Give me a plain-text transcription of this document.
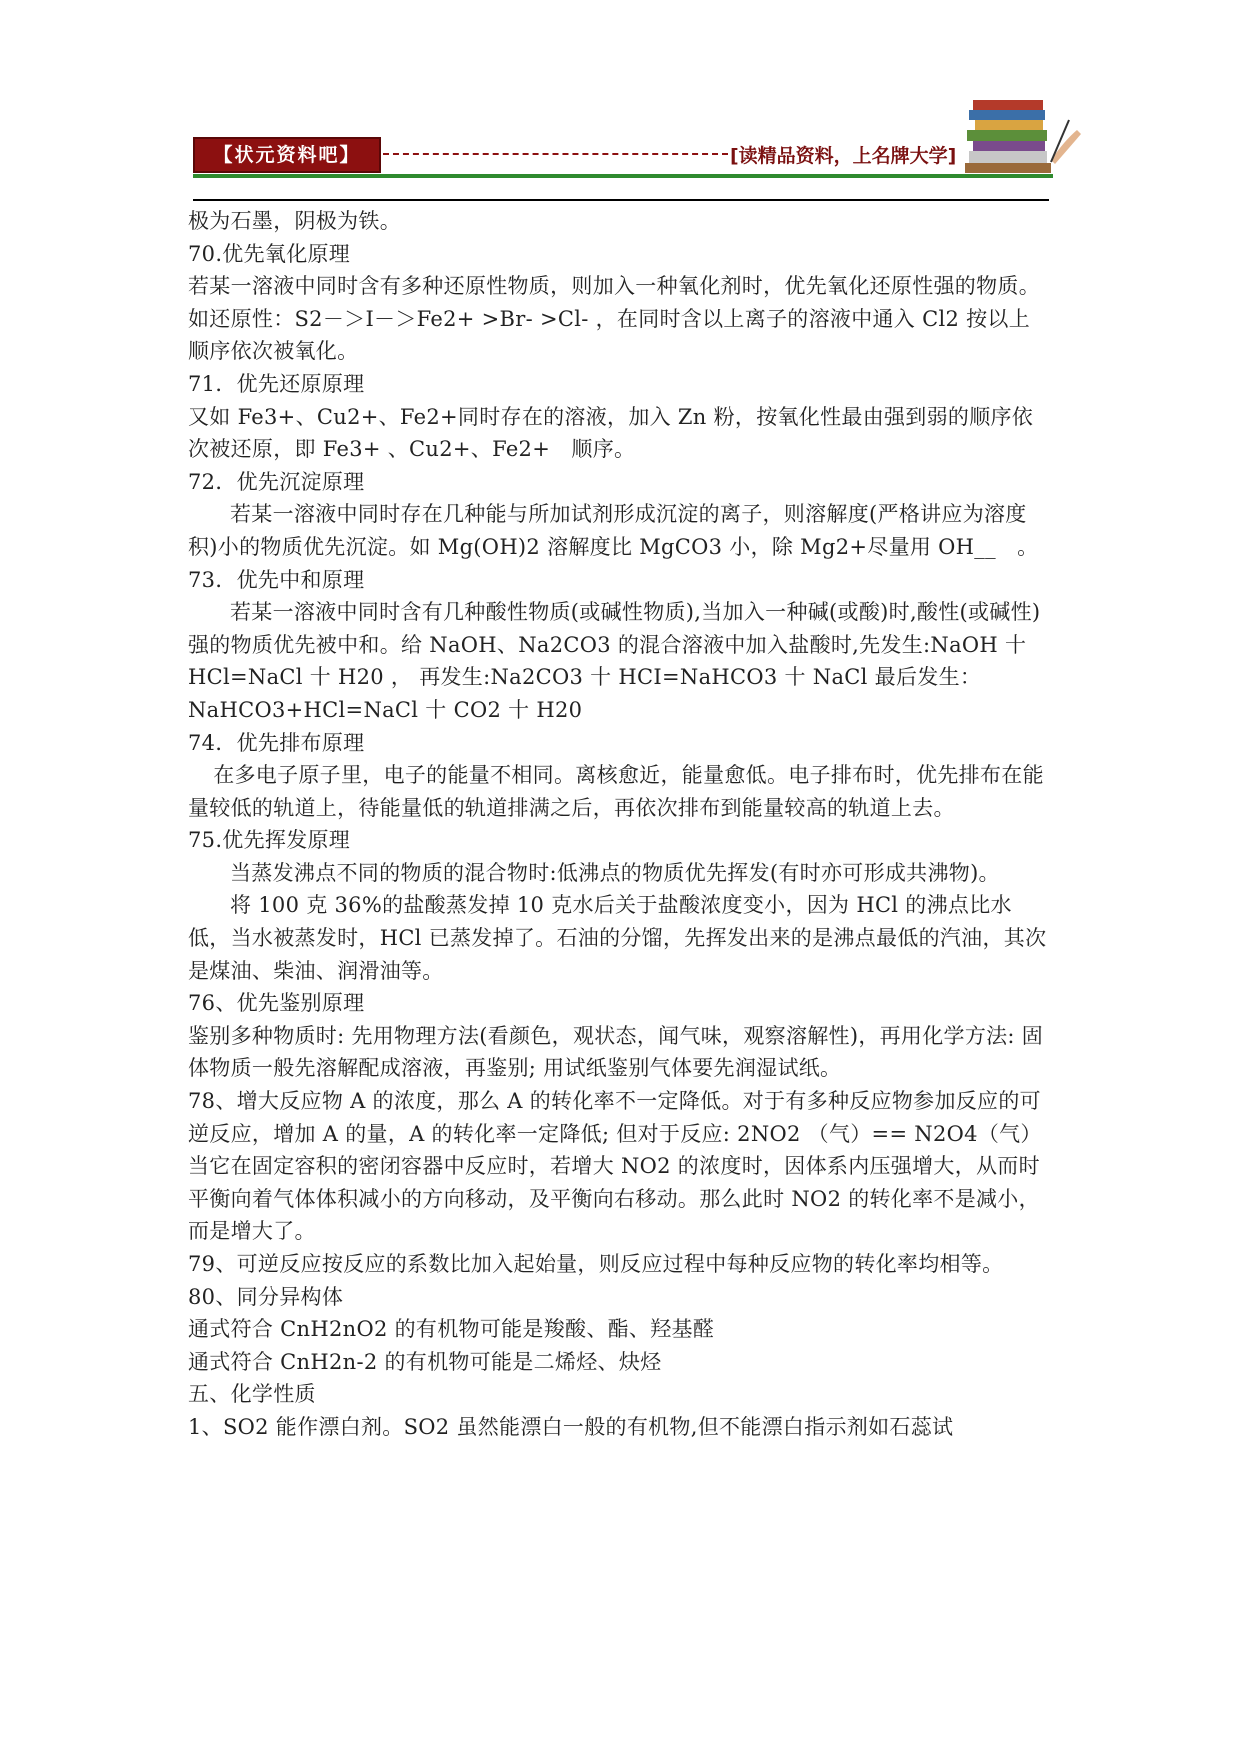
【状元资料吧】	[读精品资料，上名牌大学]

极为石墨，阴极为铁。

70.优先氧化原理

若某一溶液中同时含有多种还原性物质，则加入一种氧化剂时，优先氧化还原性强的物质。 如还原性：S2－＞I－＞Fe2+ >Br- >Cl- ，在同时含以上离子的溶液中通入 Cl2 按以上顺序依次被氧化。

71．优先还原原理

又如 Fe3+、Cu2+、Fe2+同时存在的溶液，加入 Zn 粉，按氧化性最由强到弱的顺序依次被还原，即 Fe3+ 、Cu2+、Fe2+　顺序。

72．优先沉淀原理

若某一溶液中同时存在几种能与所加试剂形成沉淀的离子，则溶解度(严格讲应为溶度积)小的物质优先沉淀。如 Mg(OH)2 溶解度比 MgCO3 小，除 Mg2+尽量用 OH__　。

73．优先中和原理

若某一溶液中同时含有几种酸性物质(或碱性物质),当加入一种碱(或酸)时,酸性(或碱性)强的物质优先被中和。给 NaOH、Na2CO3 的混合溶液中加入盐酸时,先发生:NaOH 十 HCl=NaCl 十 H20 ， 再发生:Na2CO3 十 HCI=NaHCO3 十 NaCl 最后发生：NaHCO3+HCl=NaCl 十 CO2 十 H20

74．优先排布原理

在多电子原子里，电子的能量不相同。离核愈近，能量愈低。电子排布时，优先排布在能量较低的轨道上，待能量低的轨道排满之后，再依次排布到能量较高的轨道上去。

75.优先挥发原理

当蒸发沸点不同的物质的混合物时:低沸点的物质优先挥发(有时亦可形成共沸物)。

将 100 克 36%的盐酸蒸发掉 10 克水后关于盐酸浓度变小，因为 HCl 的沸点比水低，当水被蒸发时，HCl 已蒸发掉了。石油的分馏，先挥发出来的是沸点最低的汽油，其次是煤油、柴油、润滑油等。

76、优先鉴别原理

鉴别多种物质时: 先用物理方法(看颜色，观状态，闻气味，观察溶解性)，再用化学方法: 固体物质一般先溶解配成溶液，再鉴别; 用试纸鉴别气体要先润湿试纸。

78、增大反应物 A 的浓度，那么 A 的转化率不一定降低。对于有多种反应物参加反应的可逆反应，增加 A 的量，A 的转化率一定降低; 但对于反应: 2NO2 （气）== N2O4（气）当它在固定容积的密闭容器中反应时，若增大 NO2 的浓度时，因体系内压强增大，从而时平衡向着气体体积减小的方向移动，及平衡向右移动。那么此时 NO2 的转化率不是减小，而是增大了。

79、可逆反应按反应的系数比加入起始量，则反应过程中每种反应物的转化率均相等。

80、同分异构体

通式符合 CnH2nO2 的有机物可能是羧酸、酯、羟基醛

通式符合 CnH2n-2 的有机物可能是二烯烃、炔烃

五、化学性质

1、SO2 能作漂白剂。SO2 虽然能漂白一般的有机物,但不能漂白指示剂如石蕊试
